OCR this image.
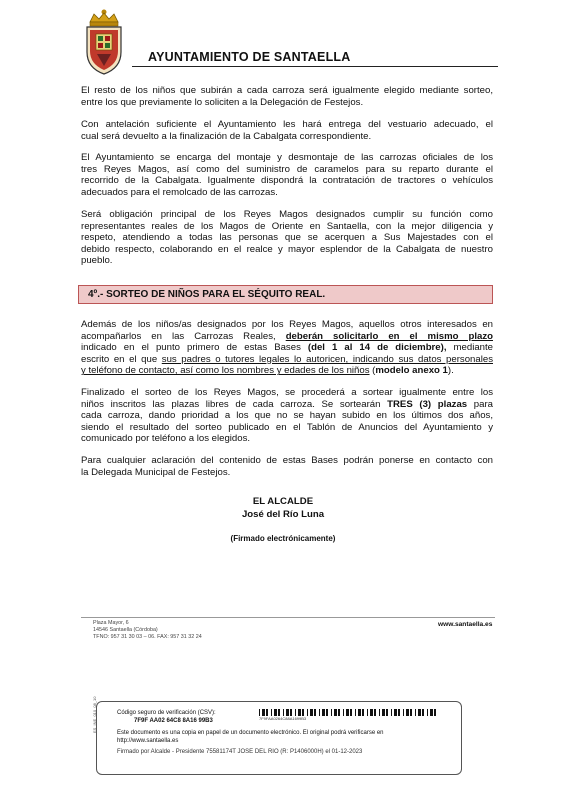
AYUNTAMIENTO DE SANTAELLA
El resto de los niños que subirán a cada carroza será igualmente elegido mediante sorteo,
entre los que previamente lo soliciten a la Delegación de Festejos.
Con antelación suficiente el Ayuntamiento les hará entrega del vestuario adecuado, el
cual será devuelto a la finalización de la Cabalgata correspondiente.
El Ayuntamiento se encarga del montaje y desmontaje de las carrozas oficiales de los
tres Reyes Magos, así como del suministro de caramelos para su reparto durante el
recorrido de la Cabalgata. Igualmente dispondrá la contratación de tractores o vehículos
adecuados para el remolcado de las carrozas.
Será obligación principal de los Reyes Magos designados cumplir su función como
representantes reales de los Magos de Oriente en Santaella, con la mejor diligencia y
respeto, atendiendo a todas las personas que se acerquen a Sus Majestades con el
debido respecto, colaborando en el realce y mayor esplendor de la Cabalgata de nuestro
pueblo.
4º.- SORTEO DE NIÑOS PARA EL SÉQUITO REAL.
Además de los niños/as designados por los Reyes Magos, aquellos otros interesados en
acompañarlos en las Carrozas Reales, deberán solicitarlo en el mismo plazo
indicado en el punto primero de estas Bases (del 1 al 14 de diciembre), mediante
escrito en el que sus padres o tutores legales lo autoricen, indicando sus datos personales
y teléfono de contacto, así como los nombres y edades de los niños (modelo anexo 1).
Finalizado el sorteo de los Reyes Magos, se procederá a sortear igualmente entre los
niños inscritos las plazas libres de cada carroza. Se sortearán TRES (3) plazas para
cada carroza, dando prioridad a los que no se hayan subido en los últimos dos años,
siendo el resultado del sorteo publicado en el Tablón de Anuncios del Ayuntamiento y
comunicado por teléfono a los elegidos.
Para cualquier aclaración del contenido de estas Bases podrán ponerse en contacto con
la Delegada Municipal de Festejos.
EL ALCALDE
José del Río Luna
(Firmado electrónicamente)
Plaza Mayor, 6
14546 Santaella (Córdoba)
TFNO: 957 31 30 03 – 06. FAX: 957 31 32 24
www.santaella.es
ES_INE_010_08_10	Código seguro de verificación (CSV):
7F9F AA02 64C8 8A16 99B3	7F9FAA0264C88A1699B3
Este documento es una copia en papel de un documento electrónico. El original podrá verificarse en
http://www.santaella.es
Firmado por Alcalde - Presidente 75581174T JOSE DEL RIO (R: P1406000H) el 01-12-2023
